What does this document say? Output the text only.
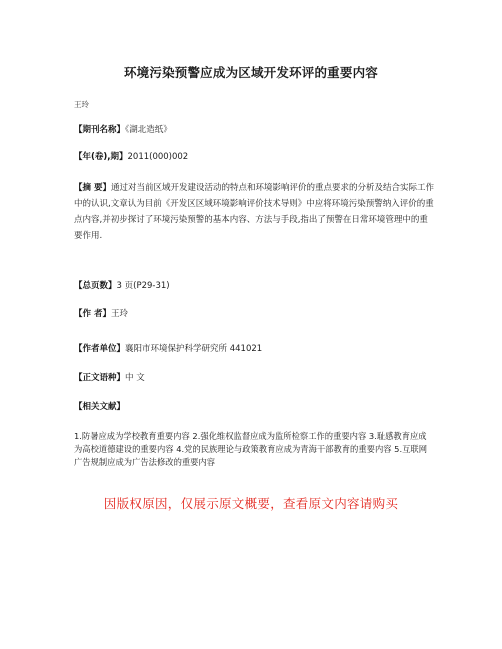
环境污染预警应成为区域开发环评的重要内容
王玲
【期刊名称】《湖北造纸》
【年(卷),期】2011(000)002
【摘 要】通过对当前区域开发建设活动的特点和环境影响评价的重点要求的分析及结合实际工作中的认识,文章认为目前《开发区区域环境影响评价技术导则》中应将环境污染预警纳入评价的重点内容,并初步探讨了环境污染预警的基本内容、方法与手段,指出了预警在日常环境管理中的重要作用.
【总页数】3 页(P29-31)
【作 者】王玲
【作者单位】襄阳市环境保护科学研究所 441021
【正文语种】中 文
【相关文献】
1.防暑应成为学校教育重要内容 2.强化维权监督应成为监所检察工作的重要内容 3.耻感教育应成为高校道德建设的重要内容 4.党的民族理论与政策教育应成为青海干部教育的重要内容 5.互联网广告规制应成为广告法修改的重要内容
因版权原因，仅展示原文概要，查看原文内容请购买
